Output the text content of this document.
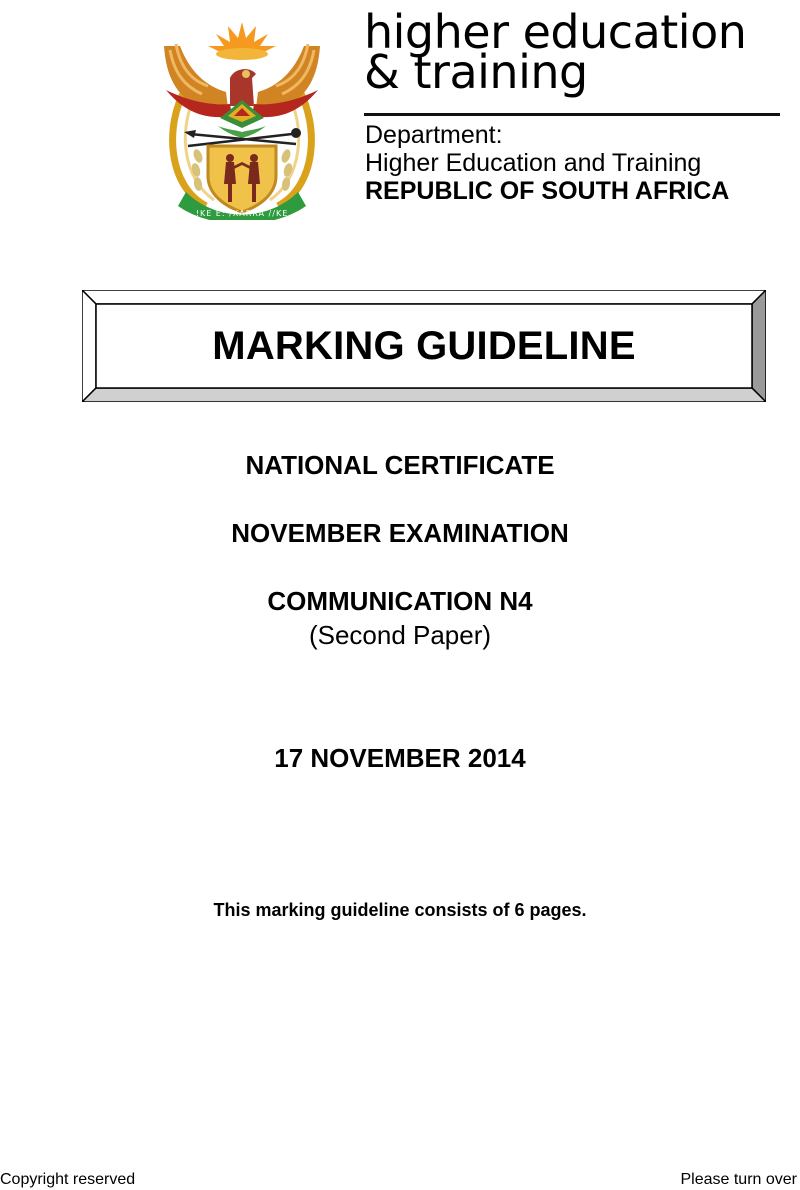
!KE E: /XARRA //KE
higher education
& training
Department:
Higher Education and Training
REPUBLIC OF SOUTH AFRICA
MARKING GUIDELINE
NATIONAL CERTIFICATE
NOVEMBER EXAMINATION
COMMUNICATION N4
(Second Paper)
17 NOVEMBER 2014
This marking guideline consists of 6 pages.
Copyright reserved	Please turn over
